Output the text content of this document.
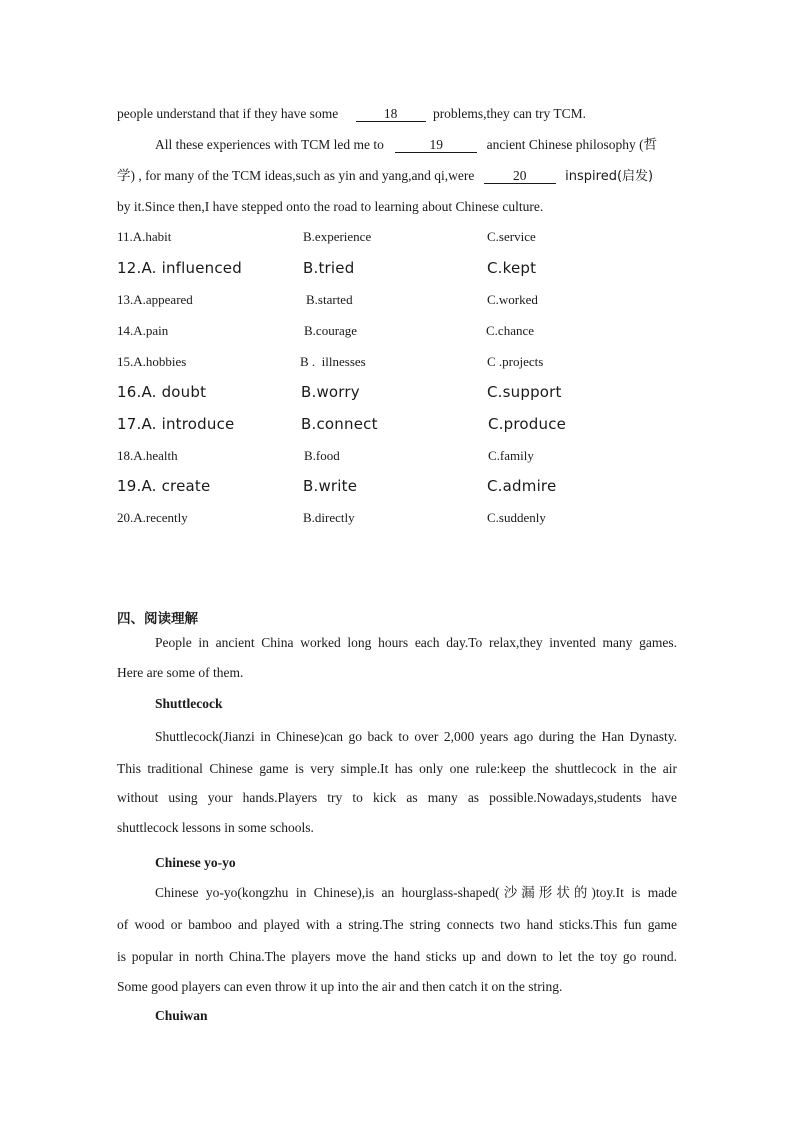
people understand that if they have some	18	problems,they can try TCM.
All these experiences with TCM led me to	19	ancient Chinese philosophy (哲
学) , for many of the TCM ideas,such as yin and yang,and qi,were	20	inspired(启发)
by it.Since then,I have stepped onto the road to learning about Chinese culture.
11.A.habit	B.experience	C.service
12.A. influenced	B.tried	C.kept
13.A.appeared	B.started	C.worked
14.A.pain	B.courage	C.chance
15.A.hobbies	B .  illnesses	C .projects
16.A. doubt	B.worry	C.support
17.A. introduce	B.connect	C.produce
18.A.health	B.food	C.family
19.A. create	B.write	C.admire
20.A.recently	B.directly	C.suddenly
四、阅读理解
People in ancient China worked long hours each day.To relax,they invented many games.
Here are some of them.
Shuttlecock
Shuttlecock(Jianzi in Chinese)can go back to over 2,000 years ago during the Han Dynasty.
This traditional Chinese game is very simple.It has only one rule:keep the shuttlecock in the air
without using your hands.Players try to kick as many as possible.Nowadays,students have
shuttlecock lessons in some schools.
Chinese yo-yo
Chinese yo-yo(kongzhu in Chinese),is an hourglass-shaped(沙漏形状的)toy.It is made
of wood or bamboo and played with a string.The string connects two hand sticks.This fun game
is popular in north China.The players move the hand sticks up and down to let the toy go round.
Some good players can even throw it up into the air and then catch it on the string.
Chuiwan
